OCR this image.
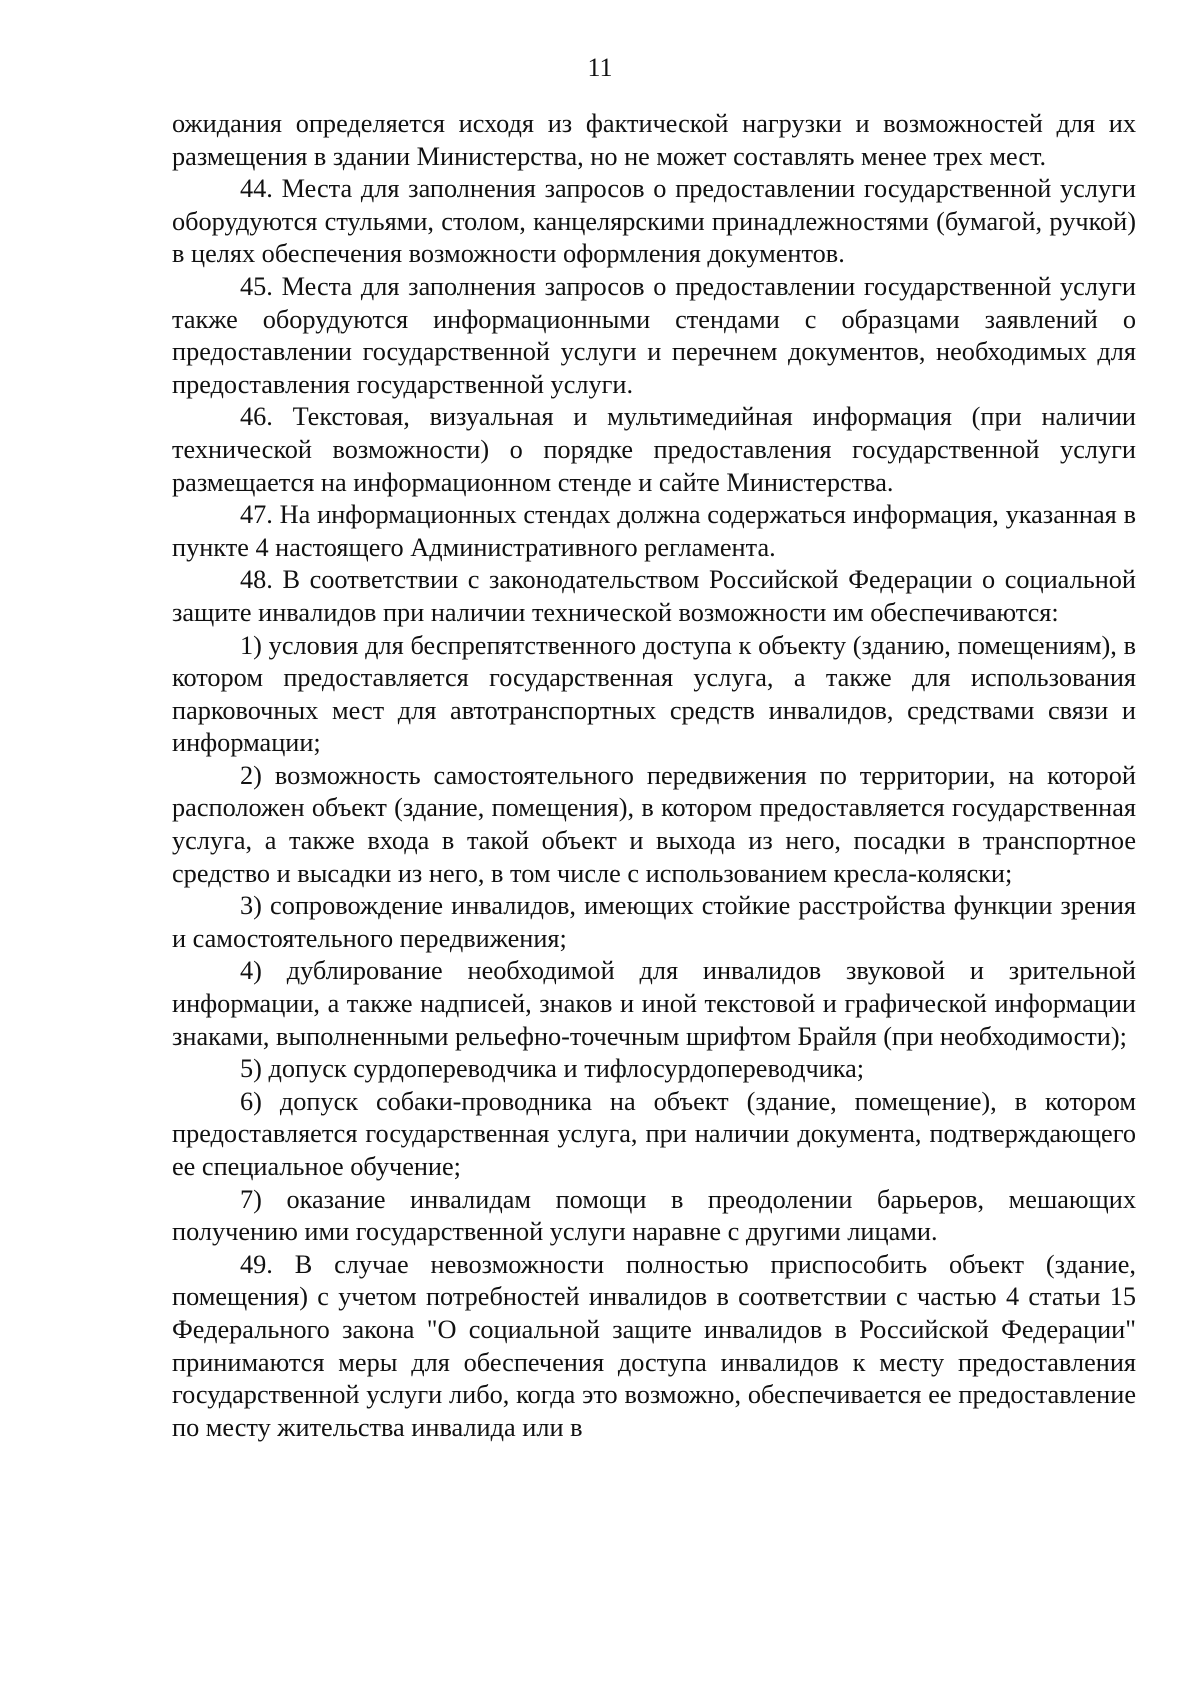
11

ожидания определяется исходя из фактической нагрузки и возможностей для их размещения в здании Министерства, но не может составлять менее трех мест.

44. Места для заполнения запросов о предоставлении государственной услуги оборудуются стульями, столом, канцелярскими принадлежностями (бумагой, ручкой) в целях обеспечения возможности оформления документов.

45. Места для заполнения запросов о предоставлении государственной услуги также оборудуются информационными стендами с образцами заявлений о предоставлении государственной услуги и перечнем документов, необходимых для предоставления государственной услуги.

46. Текстовая, визуальная и мультимедийная информация (при наличии технической возможности) о порядке предоставления государственной услуги размещается на информационном стенде и сайте Министерства.

47. На информационных стендах должна содержаться информация, указанная в пункте 4 настоящего Административного регламента.

48. В соответствии с законодательством Российской Федерации о социальной защите инвалидов при наличии технической возможности им обеспечиваются:

1) условия для беспрепятственного доступа к объекту (зданию, помещениям), в котором предоставляется государственная услуга, а также для использования парковочных мест для автотранспортных средств инвалидов, средствами связи и информации;

2) возможность самостоятельного передвижения по территории, на которой расположен объект (здание, помещения), в котором предоставляется государственная услуга, а также входа в такой объект и выхода из него, посадки в транспортное средство и высадки из него, в том числе с использованием кресла-коляски;

3) сопровождение инвалидов, имеющих стойкие расстройства функции зрения и самостоятельного передвижения;

4) дублирование необходимой для инвалидов звуковой и зрительной информации, а также надписей, знаков и иной текстовой и графической информации знаками, выполненными рельефно-точечным шрифтом Брайля (при необходимости);

5) допуск сурдопереводчика и тифлосурдопереводчика;

6) допуск собаки-проводника на объект (здание, помещение), в котором предоставляется государственная услуга, при наличии документа, подтверждающего ее специальное обучение;

7) оказание инвалидам помощи в преодолении барьеров, мешающих получению ими государственной услуги наравне с другими лицами.

49. В случае невозможности полностью приспособить объект (здание, помещения) с учетом потребностей инвалидов в соответствии с частью 4 статьи 15 Федерального закона "О социальной защите инвалидов в Российской Федерации" принимаются меры для обеспечения доступа инвалидов к месту предоставления государственной услуги либо, когда это возможно, обеспечивается ее предоставление по месту жительства инвалида или в
